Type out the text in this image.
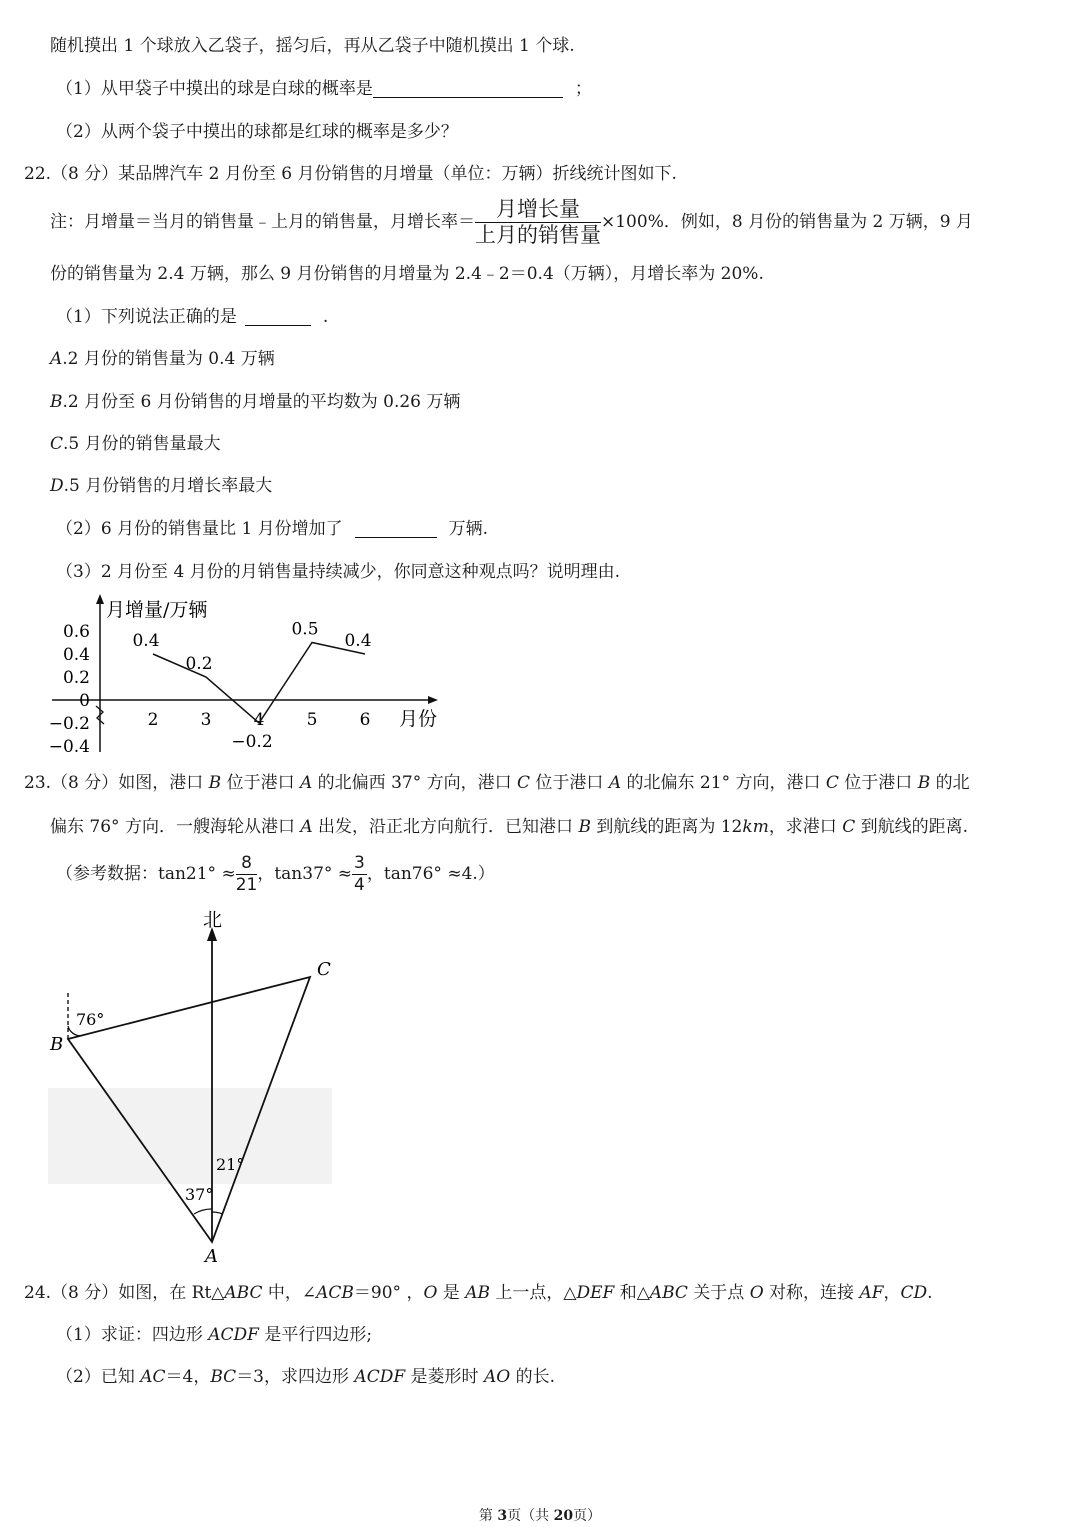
随机摸出 1 个球放入乙袋子，摇匀后，再从乙袋子中随机摸出 1 个球.
（1）从甲袋子中摸出的球是白球的概率是	；
（2）从两个袋子中摸出的球都是红球的概率是多少？
22.（8 分）某品牌汽车 2 月份至 6 月份销售的月增量（单位：万辆）折线统计图如下.
注：月增量＝当月的销售量﹣上月的销售量，月增长率＝ $\frac{\text{月增长量}}{\text{上月的销售量}} \times 100\%$．例如，8 月份的销售量为 2 万辆，9 月
份的销售量为 2.4 万辆，那么 9 月份销售的月增量为 2.4﹣2＝0.4（万辆），月增长率为 20%.
（1）下列说法正确的是	.
A.2 月份的销售量为 0.4 万辆
B.2 月份至 6 月份销售的月增量的平均数为 0.26 万辆
C.5 月份的销售量最大
D.5 月份销售的月增长率最大
（2）6 月份的销售量比 1 月份增加了	万辆.
（3）2 月份至 4 月份的月销售量持续减少，你同意这种观点吗？说明理由.
月增量/万辆
月份
0.6
0.4
0.2
0
−0.2
−0.4
2 3 4 5 6
0.4
0.2
−0.2
0.5
0.4
23.（8 分）如图，港口 B 位于港口 A 的北偏西 37° 方向，港口 C 位于港口 A 的北偏东 21° 方向，港口 C 位于港口 B 的北
偏东 76° 方向．一艘海轮从港口 A 出发，沿正北方向航行．已知港口 B 到航线的距离为 12km，求港口 C 到航线的距离.
（参考数据：$\tan 21^\circ \approx \frac{8}{21}$ ，$\tan 37^\circ \approx \frac{3}{4}$ ，tan76° ≈4.）
北
76°
21°
37°
C
B
A
24.（8 分）如图，在 Rt△ABC 中，∠ACB＝90° ，O 是 AB 上一点，△DEF 和△ABC 关于点 O 对称，连接 AF，CD.
（1）求证：四边形 ACDF 是平行四边形;
（2）已知 AC＝4，BC＝3，求四边形 ACDF 是菱形时 AO 的长.
第 3页（共 20页）
